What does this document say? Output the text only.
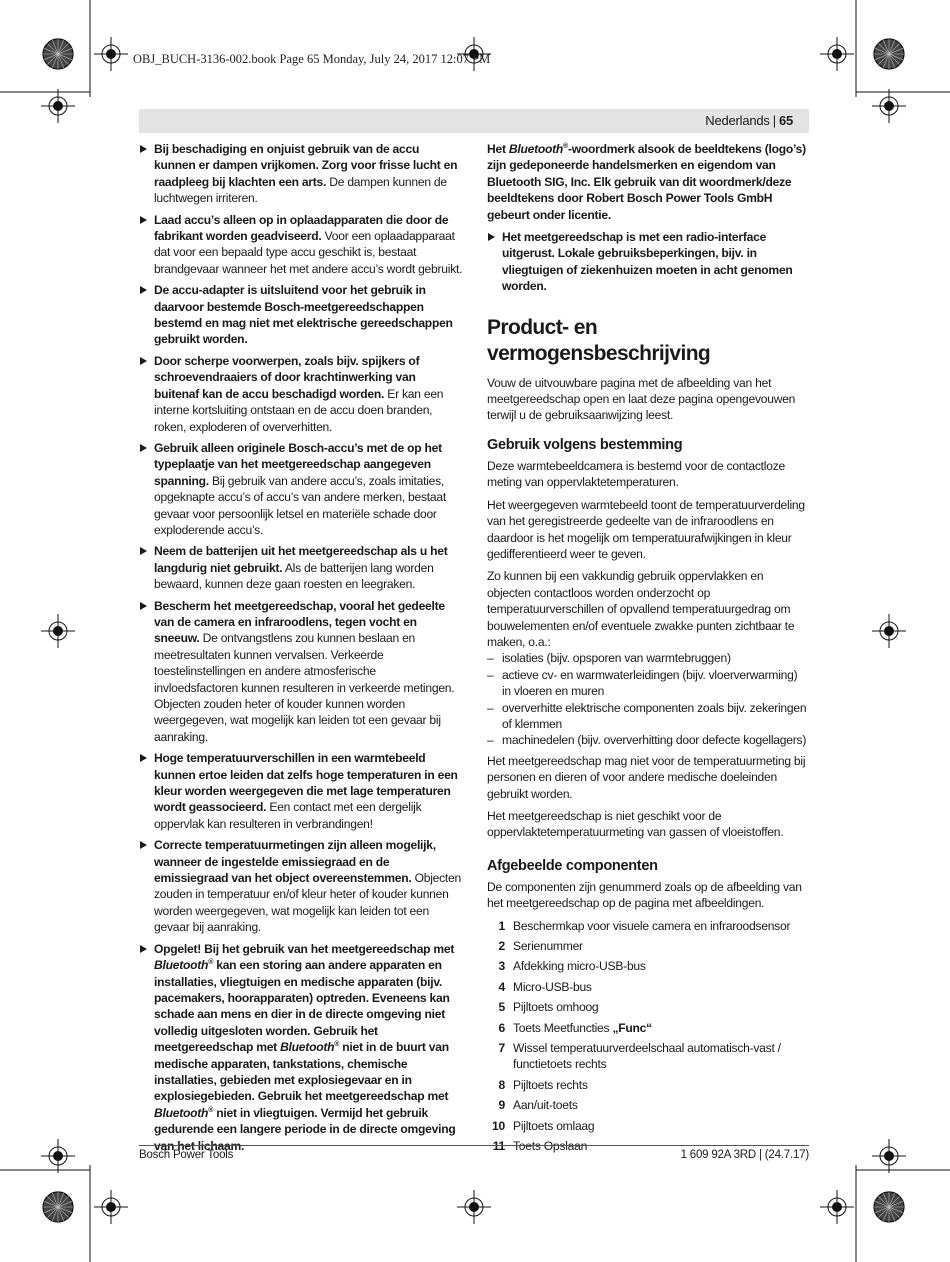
OBJ_BUCH-3136-002.book Page 65 Monday, July 24, 2017 12:07 PM
Nederlands | 65
Bij beschadiging en onjuist gebruik van de accu kunnen er dampen vrijkomen. Zorg voor frisse lucht en raadpleeg bij klachten een arts. De dampen kunnen de luchtwegen irriteren.
Laad accu’s alleen op in oplaadapparaten die door de fabrikant worden geadviseerd. Voor een oplaadapparaat dat voor een bepaald type accu geschikt is, bestaat brandgevaar wanneer het met andere accu’s wordt gebruikt.
De accu-adapter is uitsluitend voor het gebruik in daarvoor bestemde Bosch-meetgereedschappen bestemd en mag niet met elektrische gereedschappen gebruikt worden.
Door scherpe voorwerpen, zoals bijv. spijkers of schroevendraaiers of door krachtinwerking van buitenaf kan de accu beschadigd worden. Er kan een interne kortsluiting ontstaan en de accu doen branden, roken, exploderen of oververhitten.
Gebruik alleen originele Bosch-accu’s met de op het typeplaatje van het meetgereedschap aangegeven spanning. Bij gebruik van andere accu’s, zoals imitaties, opgeknapte accu’s of accu’s van andere merken, bestaat gevaar voor persoonlijk letsel en materiële schade door exploderende accu’s.
Neem de batterijen uit het meetgereedschap als u het langdurig niet gebruikt. Als de batterijen lang worden bewaard, kunnen deze gaan roesten en leegraken.
Bescherm het meetgereedschap, vooral het gedeelte van de camera en infraroodlens, tegen vocht en sneeuw. De ontvangstlens zou kunnen beslaan en meetresultaten kunnen vervalsen. Verkeerde toestelinstellingen en andere atmosferische invloedsfactoren kunnen resulteren in verkeerde metingen. Objecten zouden heter of kouder kunnen worden weergegeven, wat mogelijk kan leiden tot een gevaar bij aanraking.
Hoge temperatuurverschillen in een warmtebeeld kunnen ertoe leiden dat zelfs hoge temperaturen in een kleur worden weergegeven die met lage temperaturen wordt geassocieerd. Een contact met een dergelijk oppervlak kan resulteren in verbrandingen!
Correcte temperatuurmetingen zijn alleen mogelijk, wanneer de ingestelde emissiegraad en de emissiegraad van het object overeenstemmen. Objecten zouden in temperatuur en/of kleur heter of kouder kunnen worden weergegeven, wat mogelijk kan leiden tot een gevaar bij aanraking.
Opgelet! Bij het gebruik van het meetgereedschap met Bluetooth® kan een storing aan andere apparaten en installaties, vliegtuigen en medische apparaten (bijv. pacemakers, hoorapparaten) optreden. Eveneens kan schade aan mens en dier in de directe omgeving niet volledig uitgesloten worden. Gebruik het meetgereedschap met Bluetooth® niet in de buurt van medische apparaten, tankstations, chemische installaties, gebieden met explosiegevaar en in explosiegebieden. Gebruik het meetgereedschap met Bluetooth® niet in vliegtuigen. Vermijd het gebruik gedurende een langere periode in de directe omgeving van het lichaam.
Het Bluetooth®-woordmerk alsook de beeldtekens (logo’s) zijn gedeponeerde handelsmerken en eigendom van Bluetooth SIG, Inc. Elk gebruik van dit woordmerk/deze beeldtekens door Robert Bosch Power Tools GmbH gebeurt onder licentie.
Het meetgereedschap is met een radio-interface uitgerust. Lokale gebruiksbeperkingen, bijv. in vliegtuigen of ziekenhuizen moeten in acht genomen worden.
Product- en vermogensbeschrijving
Vouw de uitvouwbare pagina met de afbeelding van het meetgereedschap open en laat deze pagina opengevouwen terwijl u de gebruiksaanwijzing leest.
Gebruik volgens bestemming
Deze warmtebeeldcamera is bestemd voor de contactloze meting van oppervlaktetemperaturen.
Het weergegeven warmtebeeld toont de temperatuurverdeling van het geregistreerde gedeelte van de infraroodlens en daardoor is het mogelijk om temperatuurafwijkingen in kleur gedifferentieerd weer te geven.
Zo kunnen bij een vakkundig gebruik oppervlakken en objecten contactloos worden onderzocht op temperatuurverschillen of opvallend temperatuurgedrag om bouwelementen en/of eventuele zwakke punten zichtbaar te maken, o.a.:
– isolaties (bijv. opsporen van warmtebruggen)
– actieve cv- en warmwaterleidingen (bijv. vloerverwarming) in vloeren en muren
– oververhitte elektrische componenten zoals bijv. zekeringen of klemmen
– machinedelen (bijv. oververhitting door defecte kogellagers)
Het meetgereedschap mag niet voor de temperatuurmeting bij personen en dieren of voor andere medische doeleinden gebruikt worden.
Het meetgereedschap is niet geschikt voor de oppervlaktetemperatuurmeting van gassen of vloeistoffen.
Afgebeelde componenten
De componenten zijn genummerd zoals op de afbeelding van het meetgereedschap op de pagina met afbeeldingen.
1 Beschermkap voor visuele camera en infraroodsensor
2 Serienummer
3 Afdekking micro-USB-bus
4 Micro-USB-bus
5 Pijltoets omhoog
6 Toets Meetfuncties „Func“
7 Wissel temperatuurverdeelschaal automatisch-vast / functietoets rechts
8 Pijltoets rechts
9 Aan/uit-toets
10 Pijltoets omlaag
11 Toets Opslaan
Bosch Power Tools	1 609 92A 3RD | (24.7.17)
